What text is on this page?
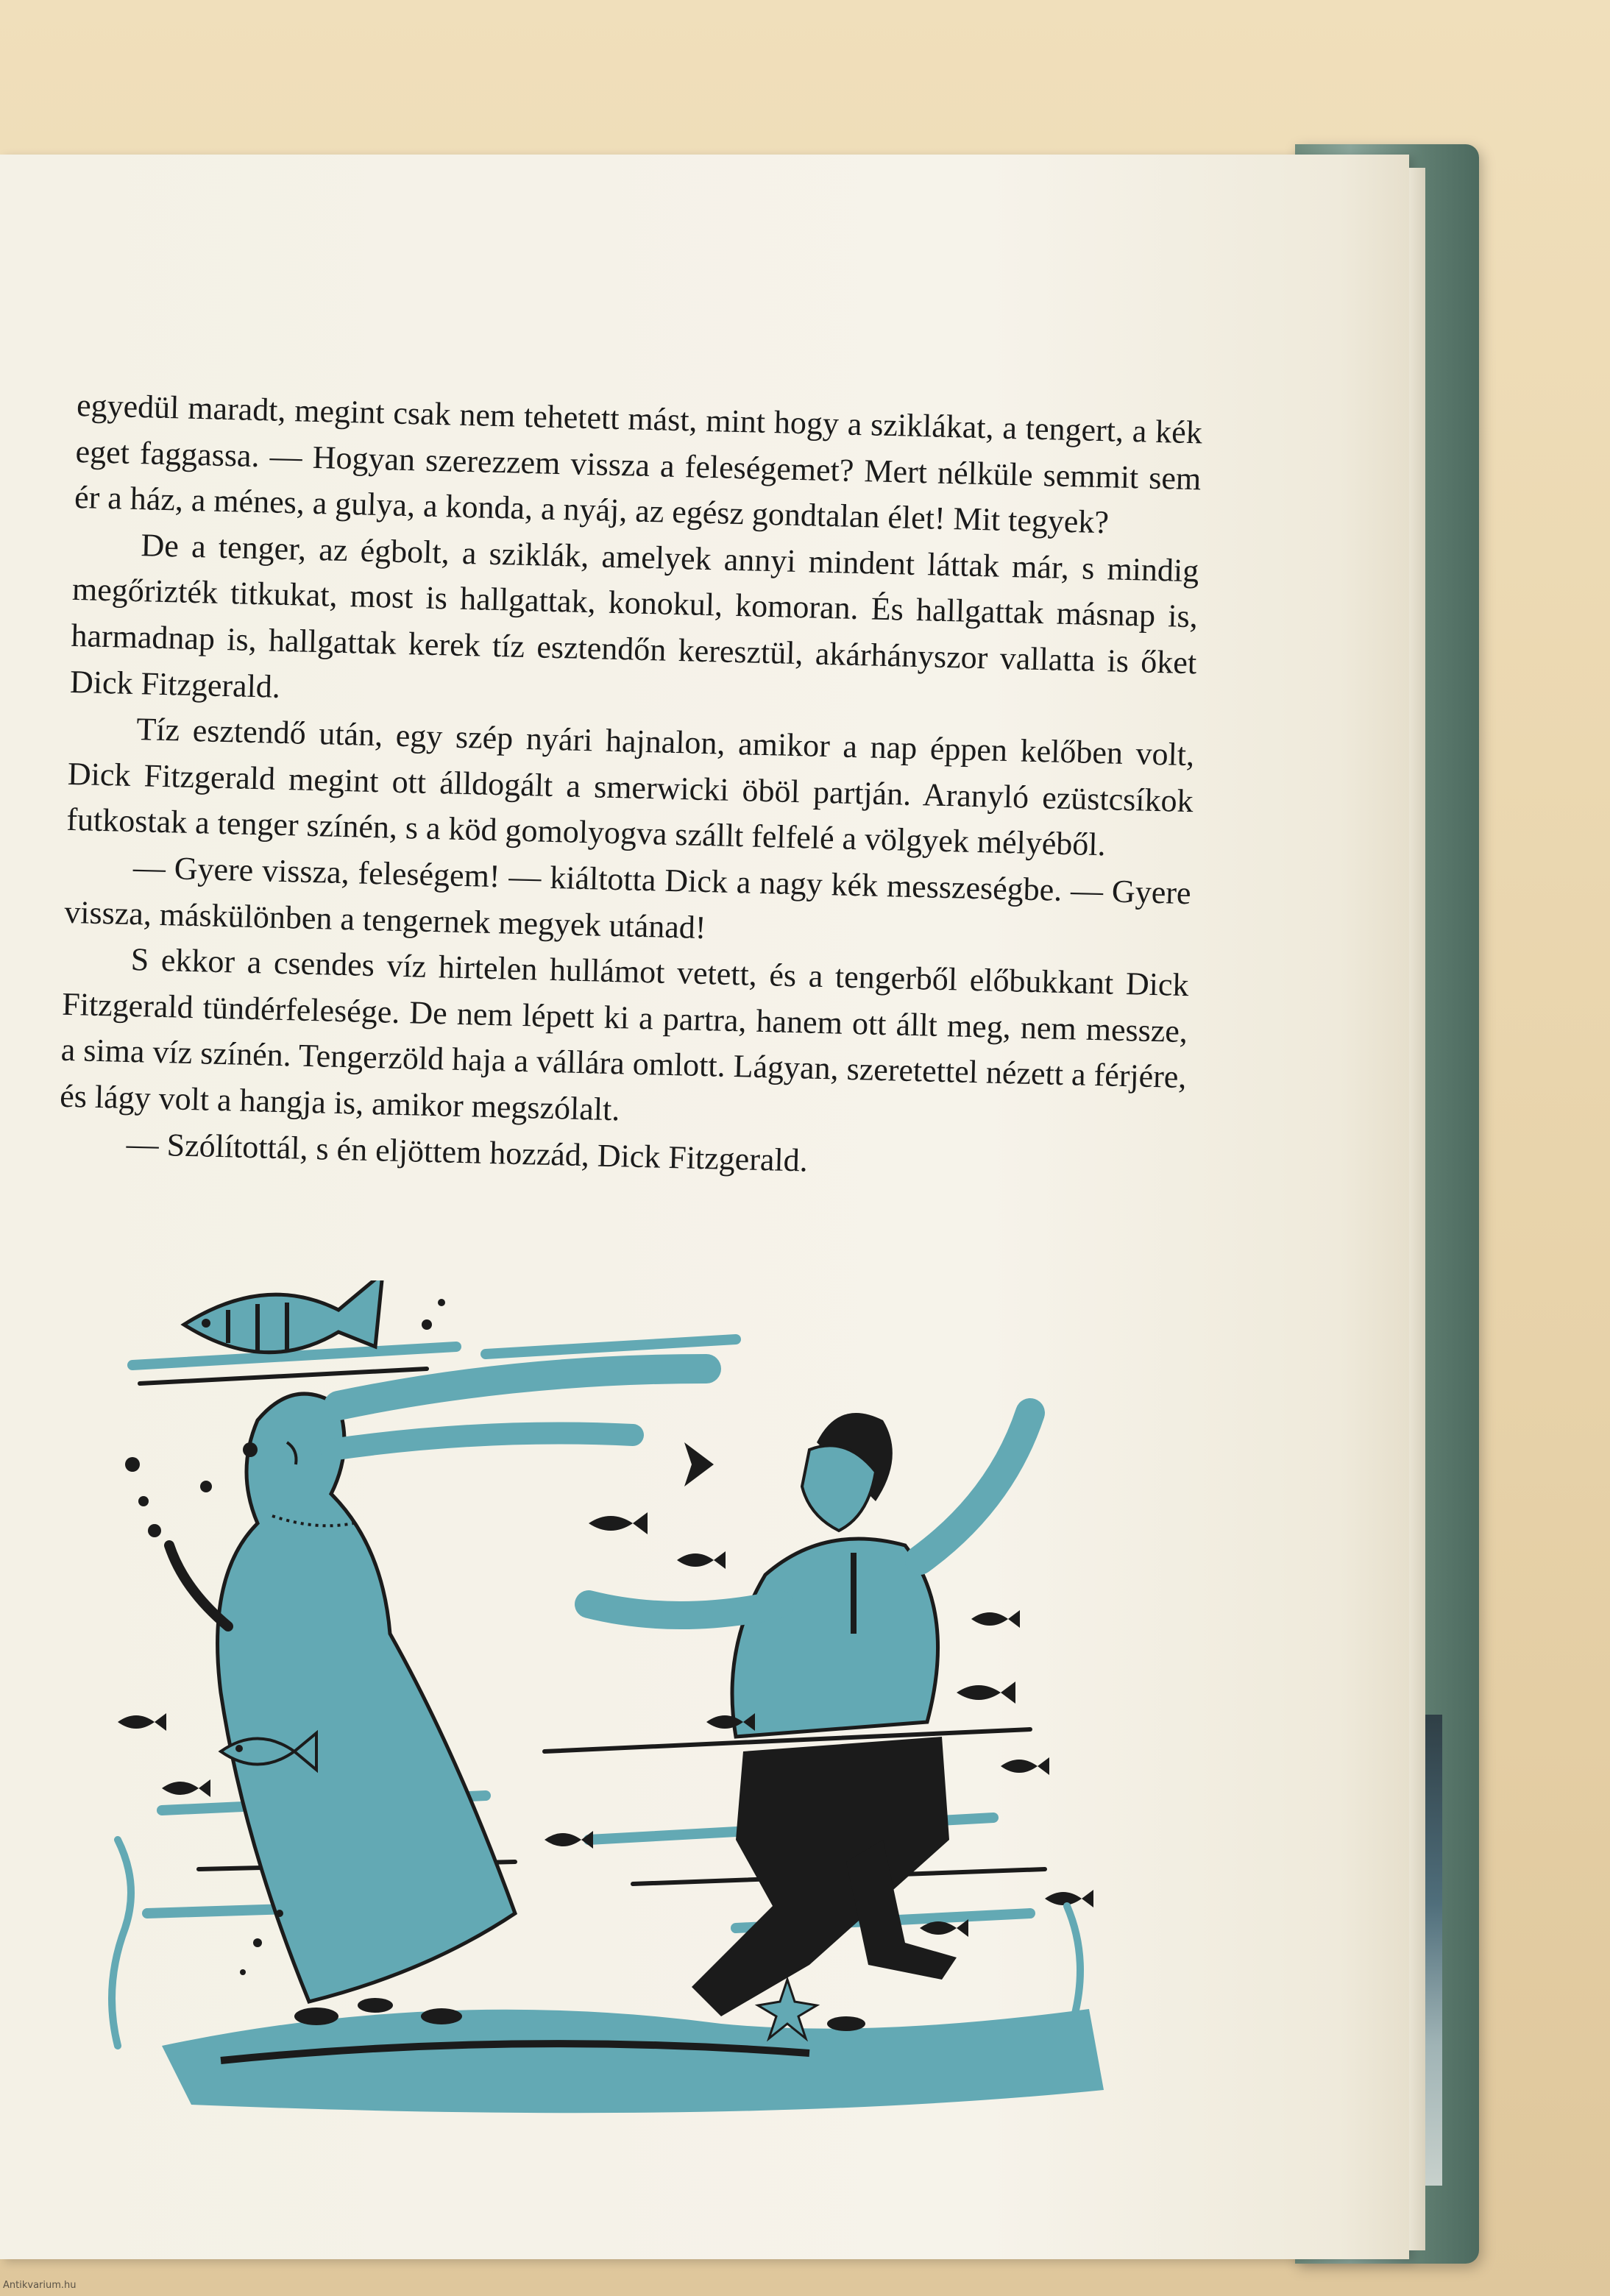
egyedül maradt, megint csak nem tehetett mást, mint hogy a sziklákat, a tengert, a kék eget faggassa. — Hogyan szerezzem vissza a feleségemet? Mert nélküle semmit sem ér a ház, a ménes, a gulya, a konda, a nyáj, az egész gondtalan élet! Mit tegyek?

De a tenger, az égbolt, a sziklák, amelyek annyi mindent láttak már, s mindig megőrizték titkukat, most is hallgattak, konokul, komoran. És hallgattak másnap is, harmadnap is, hallgattak kerek tíz esztendőn keresztül, akárhányszor vallatta is őket Dick Fitzgerald.

Tíz esztendő után, egy szép nyári hajnalon, amikor a nap éppen kelőben volt, Dick Fitzgerald megint ott álldogált a smerwicki öböl partján. Aranyló ezüstcsíkok futkostak a tenger színén, s a köd gomolyogva szállt felfelé a völgyek mélyéből.

— Gyere vissza, feleségem! — kiáltotta Dick a nagy kék messzeségbe. — Gyere vissza, máskülönben a tengernek megyek utánad!

S ekkor a csendes víz hirtelen hullámot vetett, és a tengerből előbukkant Dick Fitzgerald tündérfelesége. De nem lépett ki a partra, hanem ott állt meg, nem messze, a sima víz színén. Tengerzöld haja a vállára omlott. Lágyan, szeretettel nézett a férjére, és lágy volt a hangja is, amikor megszólalt.

— Szólítottál, s én eljöttem hozzád, Dick Fitzgerald.

Antikvarium.hu
